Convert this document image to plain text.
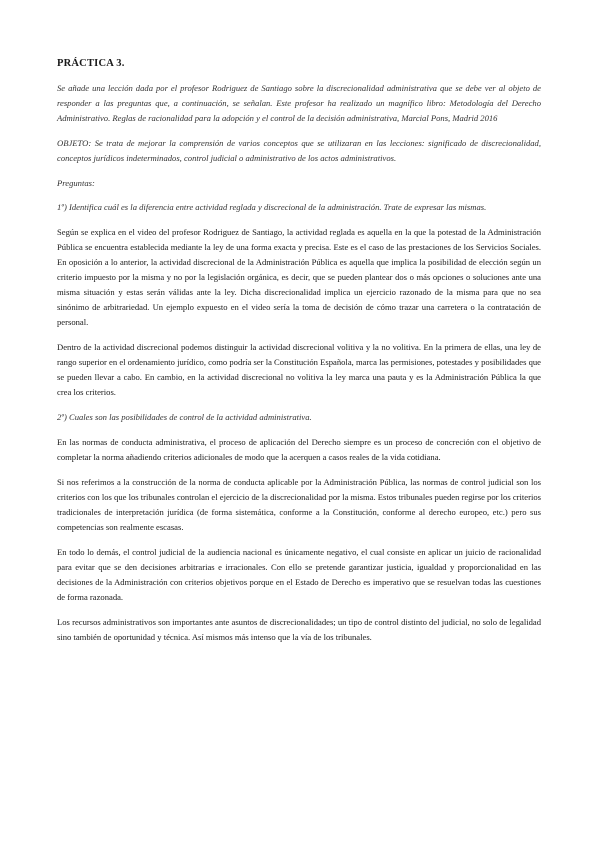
PRÁCTICA 3.

Se añade una lección dada por el profesor Rodriguez de Santiago sobre la discrecionalidad administrativa que se debe ver al objeto de responder a las preguntas que, a continuación, se señalan. Este profesor ha realizado un magnífico libro: Metodología del Derecho Administrativo. Reglas de racionalidad para la adopción y el control de la decisión administrativa, Marcial Pons, Madrid 2016

OBJETO: Se trata de mejorar la comprensión de varios conceptos que se utilizaran en las lecciones: significado de discrecionalidad, conceptos jurídicos indeterminados, control judicial o administrativo de los actos administrativos.

Preguntas:

1º) Identifica cuál es la diferencia entre actividad reglada y discrecional de la administración. Trate de expresar las mismas.

Según se explica en el video del profesor Rodriguez de Santiago, la actividad reglada es aquella en la que la potestad de la Administración Pública se encuentra establecida mediante la ley de una forma exacta y precisa. Este es el caso de las prestaciones de los Servicios Sociales. En oposición a lo anterior, la actividad discrecional de la Administración Pública es aquella que implica la posibilidad de elección según un criterio impuesto por la misma y no por la legislación orgánica, es decir, que se pueden plantear dos o más opciones o soluciones ante una misma situación y estas serán válidas ante la ley. Dicha discrecionalidad implica un ejercicio razonado de la misma para que no sea sinónimo de arbitrariedad. Un ejemplo expuesto en el video sería la toma de decisión de cómo trazar una carretera o la contratación de personal.

Dentro de la actividad discrecional podemos distinguir la actividad discrecional volitiva y la no volitiva. En la primera de ellas, una ley de rango superior en el ordenamiento jurídico, como podría ser la Constitución Española, marca las permisiones, potestades y posibilidades que se pueden llevar a cabo. En cambio, en la actividad discrecional no volitiva la ley marca una pauta y es la Administración Pública la que crea los criterios.

2º) Cuales son las posibilidades de control de la actividad administrativa.

En las normas de conducta administrativa, el proceso de aplicación del Derecho siempre es un proceso de concreción con el objetivo de completar la norma añadiendo criterios adicionales de modo que la acerquen a casos reales de la vida cotidiana.

Si nos referimos a la construcción de la norma de conducta aplicable por la Administración Pública, las normas de control judicial son los criterios con los que los tribunales controlan el ejercicio de la discrecionalidad por la misma. Estos tribunales pueden regirse por los criterios tradicionales de interpretación jurídica (de forma sistemática, conforme a la Constitución, conforme al derecho europeo, etc.) pero sus competencias son realmente escasas.

En todo lo demás, el control judicial de la audiencia nacional es únicamente negativo, el cual consiste en aplicar un juicio de racionalidad para evitar que se den decisiones arbitrarias e irracionales. Con ello se pretende garantizar justicia, igualdad y proporcionalidad en las decisiones de la Administración con criterios objetivos porque en el Estado de Derecho es imperativo que se resuelvan todas las cuestiones de forma razonada.

Los recursos administrativos son importantes ante asuntos de discrecionalidades; un tipo de control distinto del judicial, no solo de legalidad sino también de oportunidad y técnica. Así mismos más intenso que la vía de los tribunales.
